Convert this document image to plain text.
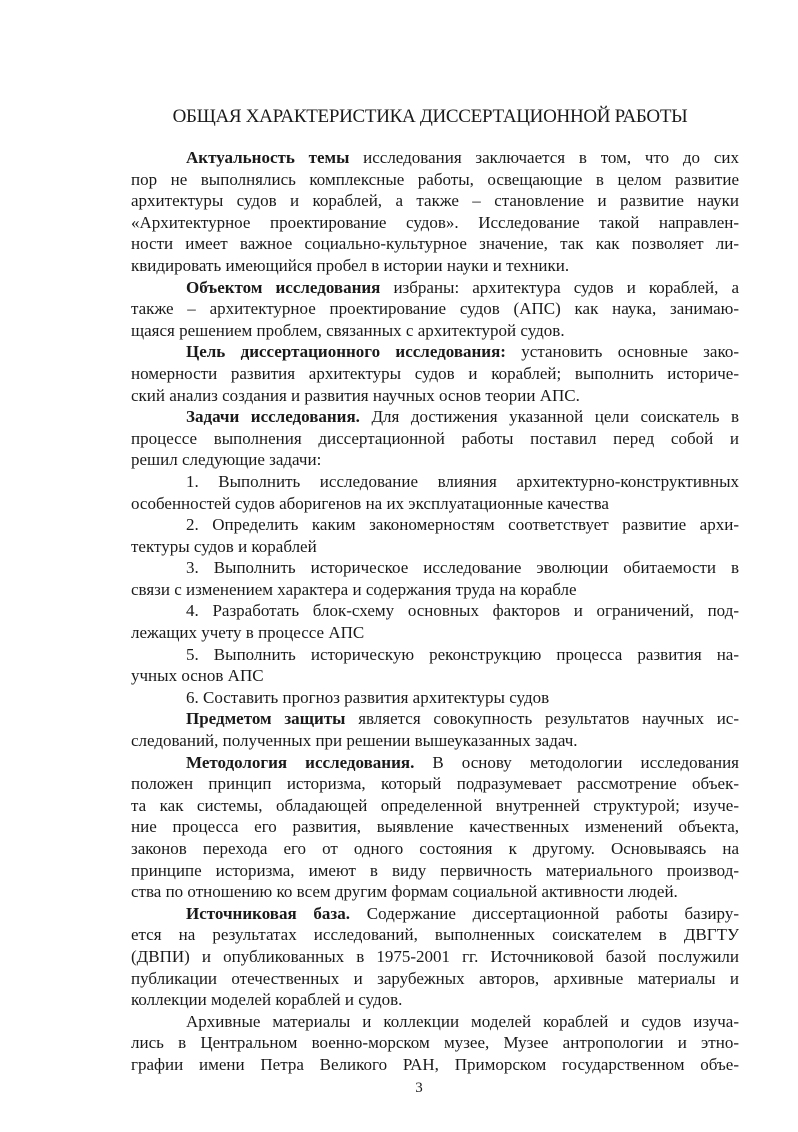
ОБЩАЯ ХАРАКТЕРИСТИКА ДИССЕРТАЦИОННОЙ РАБОТЫ
Актуальность темы исследования заключается в том, что до сих
пор не выполнялись комплексные работы, освещающие в целом развитие
архитектуры судов и кораблей, а также – становление и развитие науки
«Архитектурное проектирование судов». Исследование такой направлен-
ности имеет важное социально-культурное значение, так как позволяет ли-
квидировать имеющийся пробел в истории науки и техники.
Объектом исследования избраны: архитектура судов и кораблей, а
также – архитектурное проектирование судов (АПС) как наука, занимаю-
щаяся решением проблем, связанных с архитектурой судов.
Цель диссертационного исследования: установить основные зако-
номерности развития архитектуры судов и кораблей; выполнить историче-
ский анализ создания и развития научных основ теории АПС.
Задачи исследования. Для достижения указанной цели соискатель в
процессе выполнения диссертационной работы поставил перед собой и
решил следующие задачи:
1. Выполнить исследование влияния архитектурно-конструктивных
особенностей судов аборигенов на их эксплуатационные качества
2. Определить каким закономерностям соответствует развитие архи-
тектуры судов и кораблей
3. Выполнить историческое исследование эволюции обитаемости в
связи с изменением характера и содержания труда на корабле
4. Разработать блок-схему основных факторов и ограничений, под-
лежащих учету в процессе АПС
5. Выполнить историческую реконструкцию процесса развития на-
учных основ АПС
6. Составить прогноз развития архитектуры судов
Предметом защиты является совокупность результатов научных ис-
следований, полученных при решении вышеуказанных задач.
Методология исследования. В основу методологии исследования
положен принцип историзма, который подразумевает рассмотрение объек-
та как системы, обладающей определенной внутренней структурой; изуче-
ние процесса его развития, выявление качественных изменений объекта,
законов перехода его от одного состояния к другому. Основываясь на
принципе историзма, имеют в виду первичность материального производ-
ства по отношению ко всем другим формам социальной активности людей.
Источниковая база. Содержание диссертационной работы базиру-
ется на результатах исследований, выполненных соискателем в ДВГТУ
(ДВПИ) и опубликованных в 1975-2001 гг. Источниковой базой послужили
публикации отечественных и зарубежных авторов, архивные материалы и
коллекции моделей кораблей и судов.
Архивные материалы и коллекции моделей кораблей и судов изуча-
лись в Центральном военно-морском музее, Музее антропологии и этно-
графии имени Петра Великого РАН, Приморском государственном объе-
3
